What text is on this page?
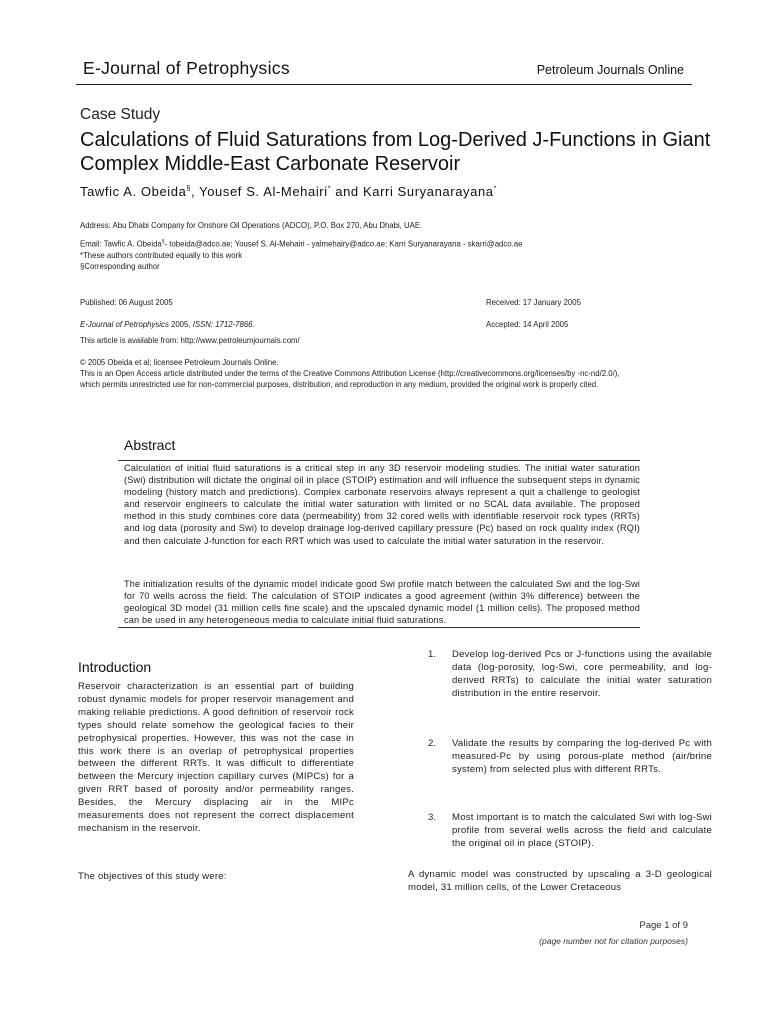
E-Journal of Petrophysics	Petroleum Journals Online
Case Study
Calculations of Fluid Saturations from Log-Derived J-Functions in Giant Complex Middle-East Carbonate Reservoir
Tawfic A. Obeida§, Yousef S. Al-Mehairi* and Karri Suryanarayana*
Address: Abu Dhabi Company for Onshore Oil Operations (ADCO), P.O. Box 270, Abu Dhabi, UAE.
Email: Tawfic A. Obeida§- tobeida@adco.ae; Yousef S. Al-Mehairi - yalmehairy@adco.ae; Karri Suryanarayana - skarri@adco.ae
*These authors contributed equally to this work
§Corresponding author
Published: 06 August 2005	Received: 17 January 2005
E-Journal of Petrophysics 2005, ISSN: 1712-7866.	Accepted: 14 April 2005
This article is available from: http://www.petroleumjournals.com/
© 2005 Obeida et al; licensee Petroleum Journals Online.
This is an Open Access article distributed under the terms of the Creative Commons Attribution License (http://creativecommons.org/licenses/by -nc-nd/2.0/),
which permits unrestricted use for non-commercial purposes, distribution, and reproduction in any medium, provided the original work is properly cited.
Abstract

Calculation of initial fluid saturations is a critical step in any 3D reservoir modeling studies. The initial water saturation (Swi) distribution will dictate the original oil in place (STOIP) estimation and will influence the subsequent steps in dynamic modeling (history match and predictions). Complex carbonate reservoirs always represent a quit a challenge to geologist and reservoir engineers to calculate the initial water saturation with limited or no SCAL data available. The proposed method in this study combines core data (permeability) from 32 cored wells with identifiable reservoir rock types (RRTs) and log data (porosity and Swi) to develop drainage log-derived capillary pressure (Pc) based on rock quality index (RQI) and then calculate J-function for each RRT which was used to calculate the initial water saturation in the reservoir.

The initialization results of the dynamic model indicate good Swi profile match between the calculated Swi and the log-Swi for 70 wells across the field. The calculation of STOIP indicates a good agreement (within 3% difference) between the geological 3D model (31 million cells fine scale) and the upscaled dynamic model (1 million cells). The proposed method can be used in any heterogeneous media to calculate initial fluid saturations.

Introduction

Reservoir characterization is an essential part of building robust dynamic models for proper reservoir management and making reliable predictions. A good definition of reservoir rock types should relate somehow the geological facies to their petrophysical properties. However, this was not the case in this work there is an overlap of petrophysical properties between the different RRTs. It was difficult to differentiate between the Mercury injection capillary curves (MIPCs) for a given RRT based of porosity and/or permeability ranges. Besides, the Mercury displacing air in the MIPc measurements does not represent the correct displacement mechanism in the reservoir.

The objectives of this study were:

1. Develop log-derived Pcs or J-functions using the available data (log-porosity, log-Swi, core permeability, and log-derived RRTs) to calculate the initial water saturation distribution in the entire reservoir.

2. Validate the results by comparing the log-derived Pc with measured-Pc by using porous-plate method (air/brine system) from selected plus with different RRTs.

3. Most important is to match the calculated Swi with log-Swi profile from several wells across the field and calculate the original oil in place (STOIP).

A dynamic model was constructed by upscaling a 3-D geological model, 31 million cells, of the Lower Cretaceous

Page 1 of 9
(page number not for citation purposes)
